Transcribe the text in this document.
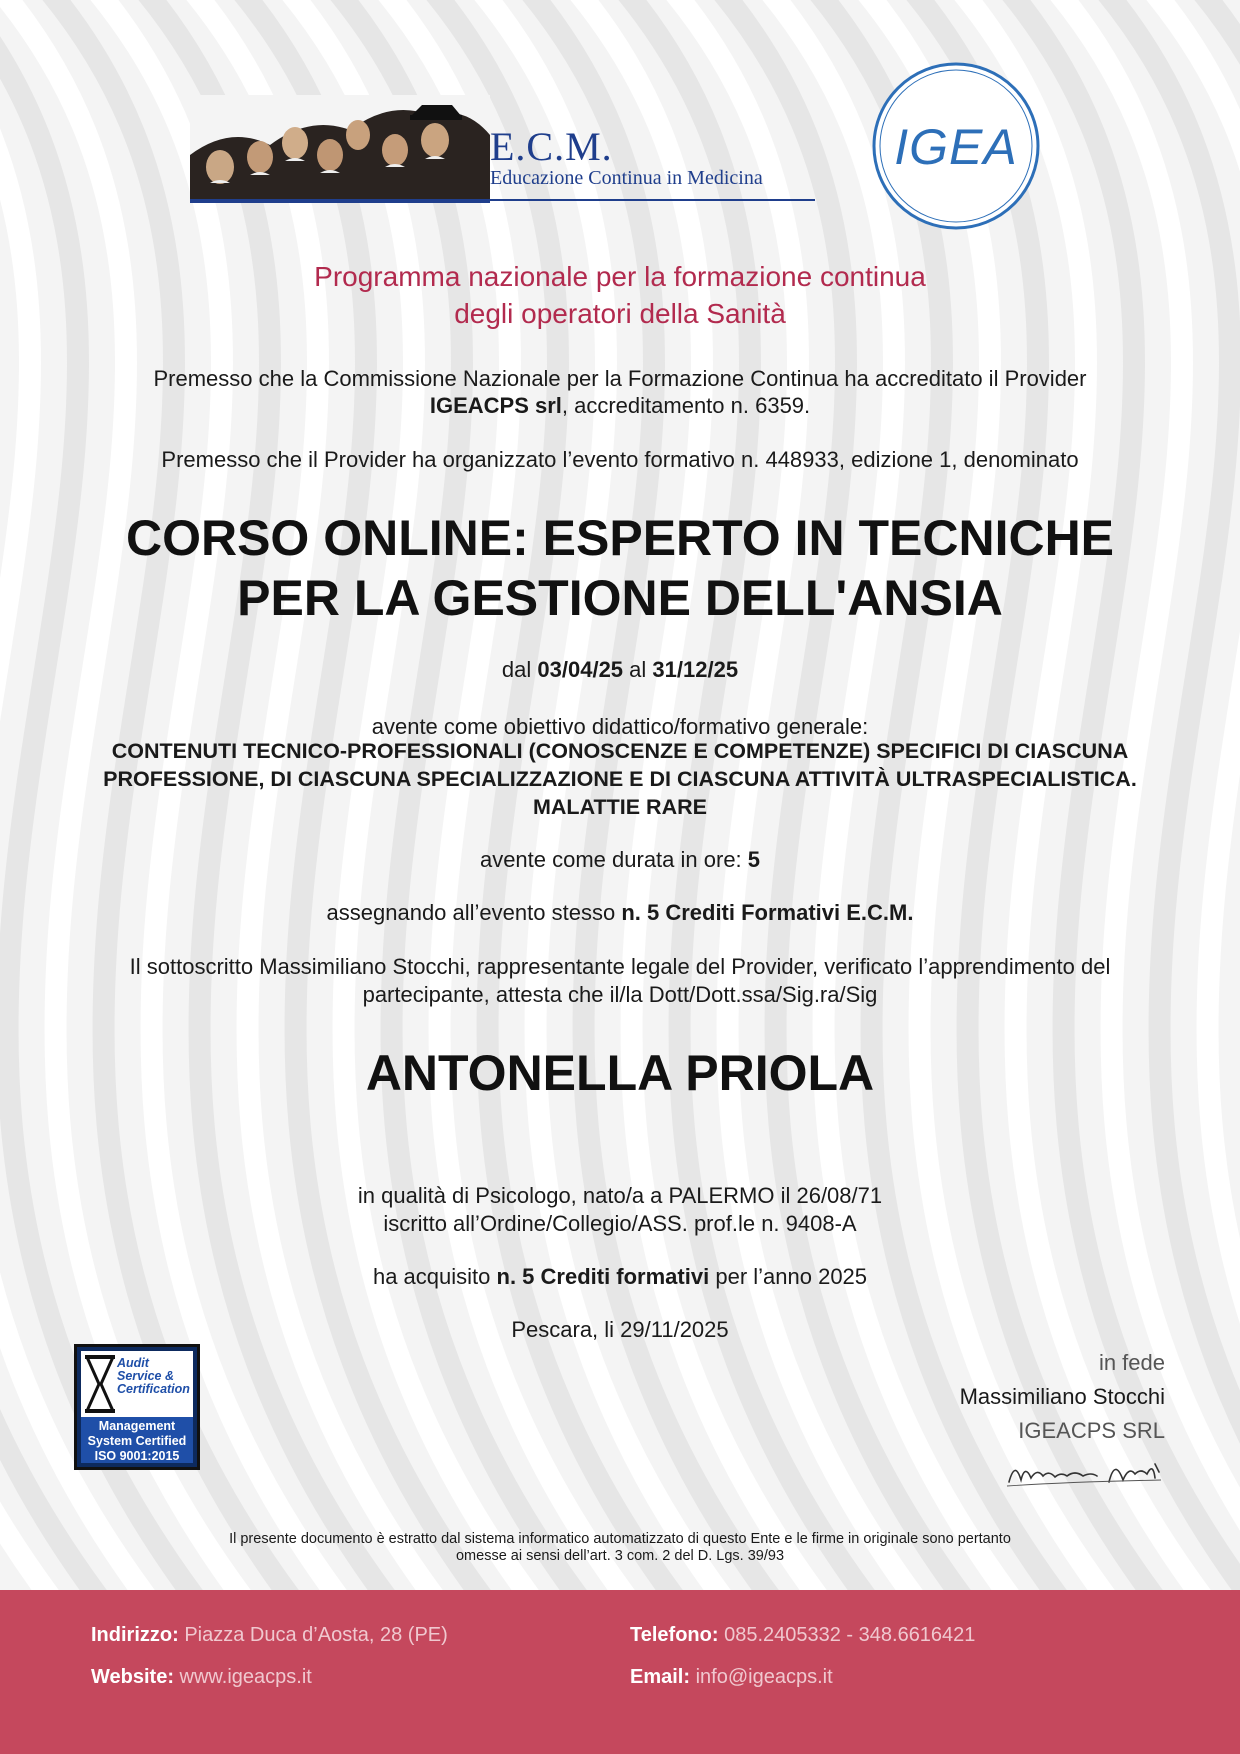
E.C.M.
Educazione Continua in Medicina
IGEA
Programma nazionale per la formazione continua
degli operatori della Sanità
Premesso che la Commissione Nazionale per la Formazione Continua ha accreditato il Provider
IGEACPS srl, accreditamento n. 6359.
Premesso che il Provider ha organizzato l’evento formativo n. 448933, edizione 1, denominato
CORSO ONLINE: ESPERTO IN TECNICHE
PER LA GESTIONE DELL'ANSIA
dal 03/04/25 al 31/12/25
avente come obiettivo didattico/formativo generale:
CONTENUTI TECNICO-PROFESSIONALI (CONOSCENZE E COMPETENZE) SPECIFICI DI CIASCUNA PROFESSIONE, DI CIASCUNA SPECIALIZZAZIONE E DI CIASCUNA ATTIVITÀ ULTRASPECIALISTICA. MALATTIE RARE
avente come durata in ore: 5
assegnando all’evento stesso n. 5 Crediti Formativi E.C.M.
Il sottoscritto Massimiliano Stocchi, rappresentante legale del Provider, verificato l’apprendimento del
partecipante, attesta che il/la Dott/Dott.ssa/Sig.ra/Sig
ANTONELLA PRIOLA
in qualità di Psicologo, nato/a a PALERMO il 26/08/71
iscritto all’Ordine/Collegio/ASS. prof.le n. 9408-A
ha acquisito n. 5 Crediti formativi per l’anno 2025
Pescara, li 29/11/2025
Audit
Service &
Certification
Management
System Certified
ISO 9001:2015
in fede
Massimiliano Stocchi
IGEACPS SRL
Il presente documento è estratto dal sistema informatico automatizzato di questo Ente e le firme in originale sono pertanto
omesse ai sensi dell’art. 3 com. 2 del D. Lgs. 39/93
Indirizzo: Piazza Duca d’Aosta, 28 (PE)	Telefono: 085.2405332 - 348.6616421
Website: www.igeacps.it	Email: info@igeacps.it
